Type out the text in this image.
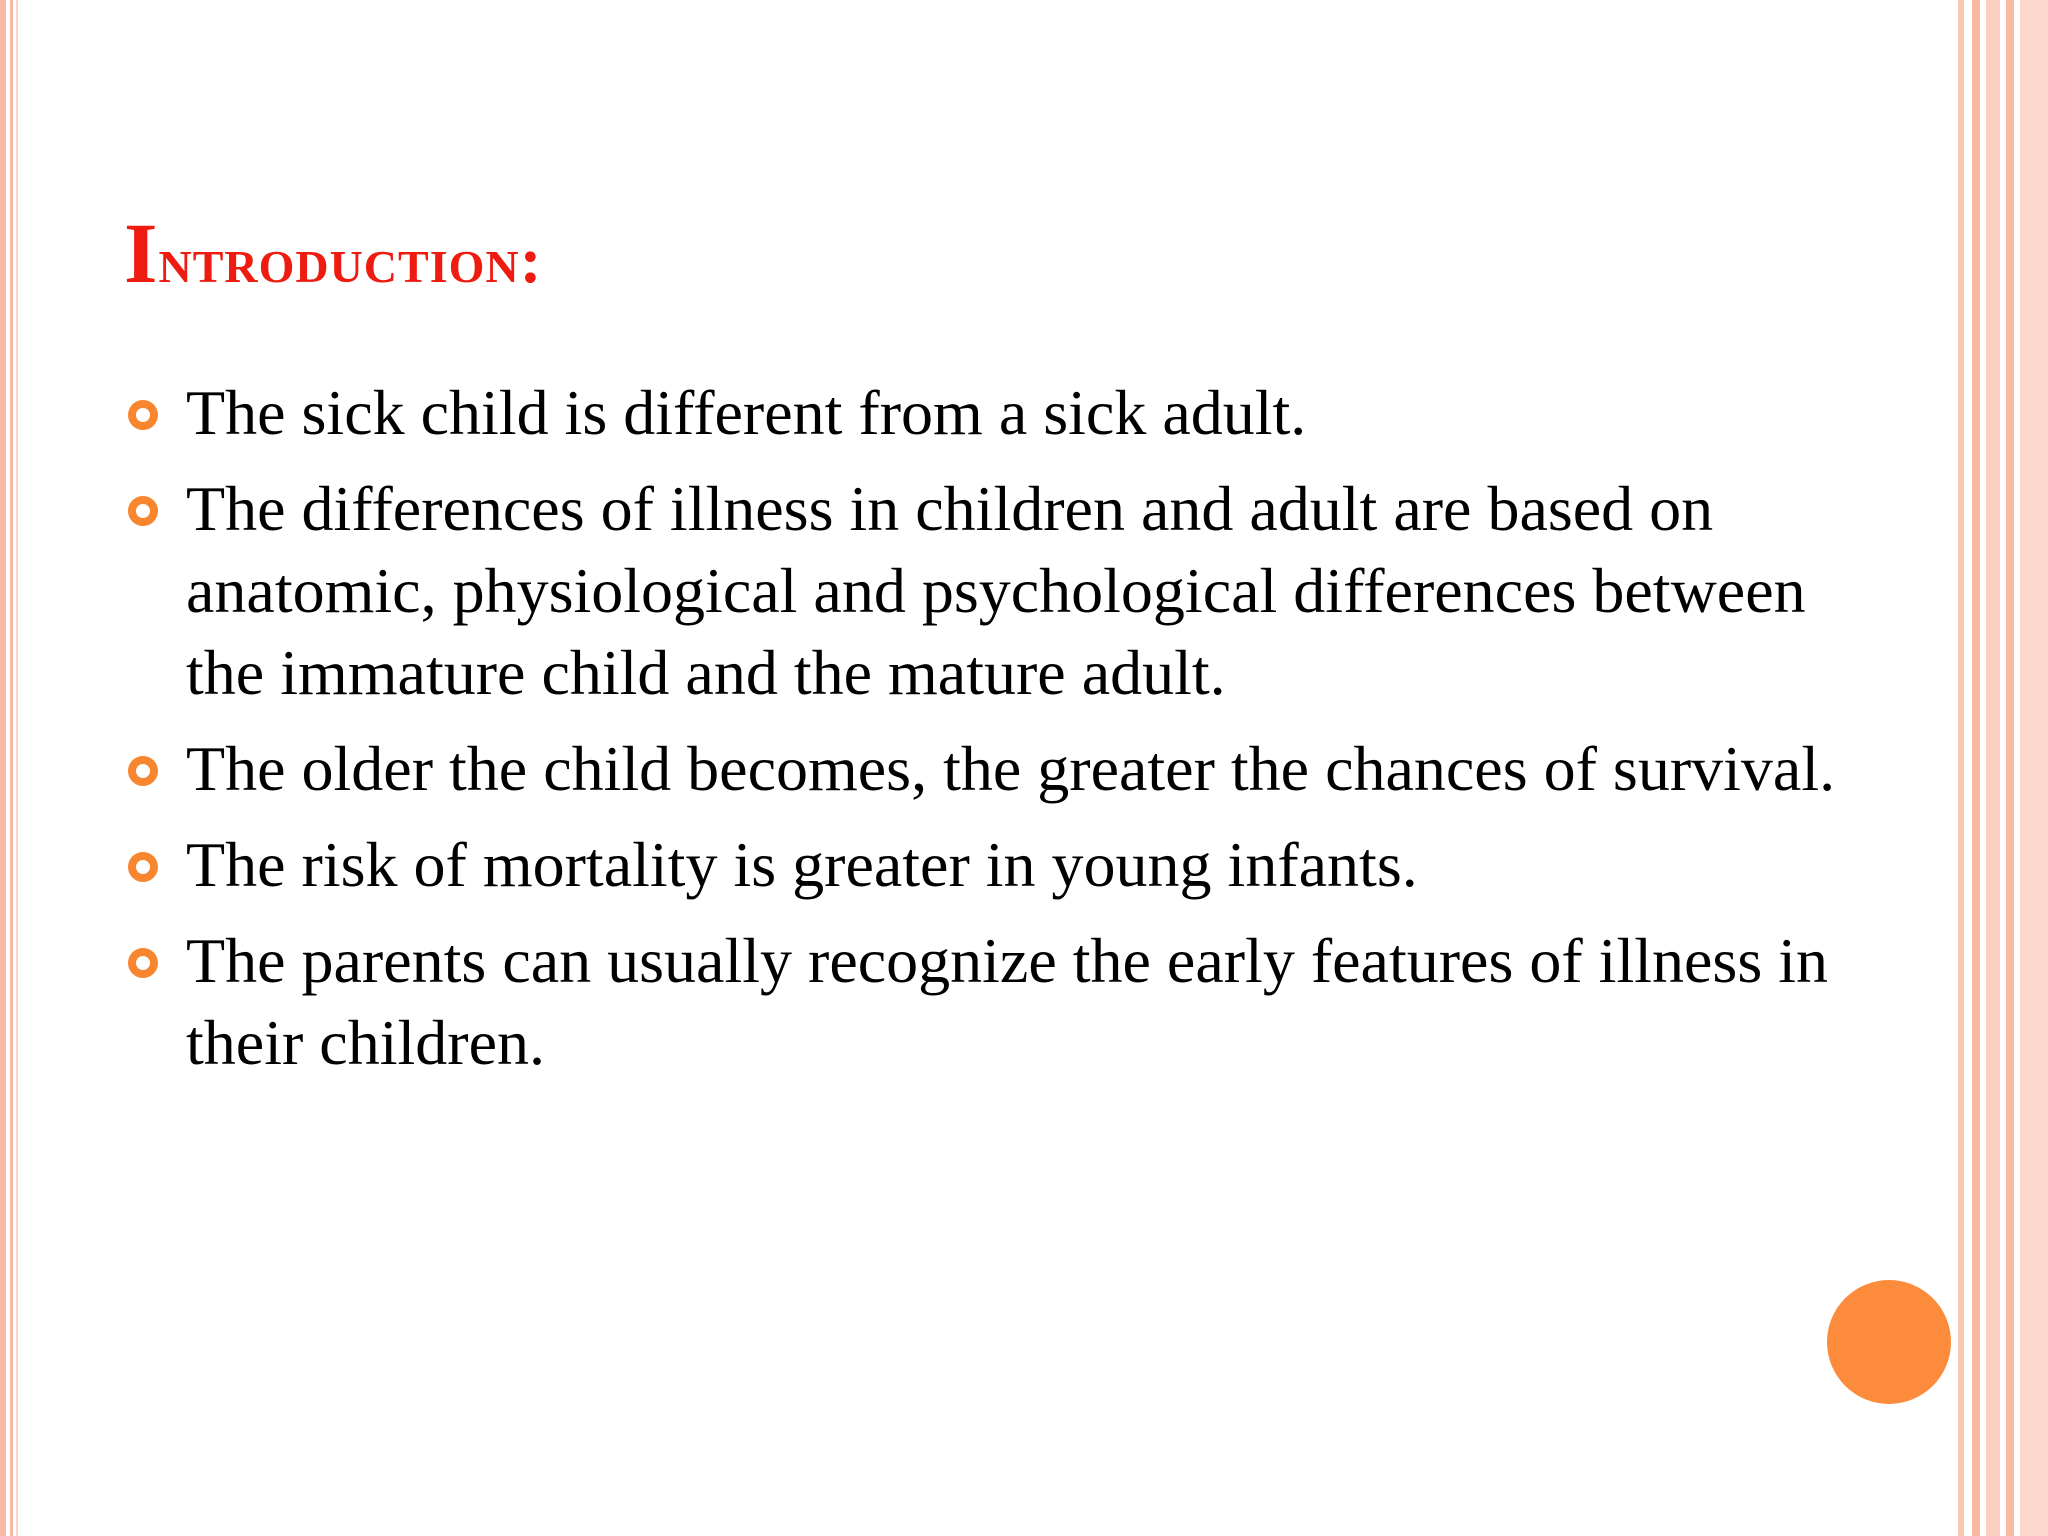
Introduction:
The sick child is different from a sick adult.
The differences of illness in children and adult are based on anatomic, physiological and psychological differences between the immature child and the mature adult.
The older the child becomes, the greater the chances of survival.
The risk of mortality is greater in young infants.
The parents can usually recognize the early features of illness in their children.
